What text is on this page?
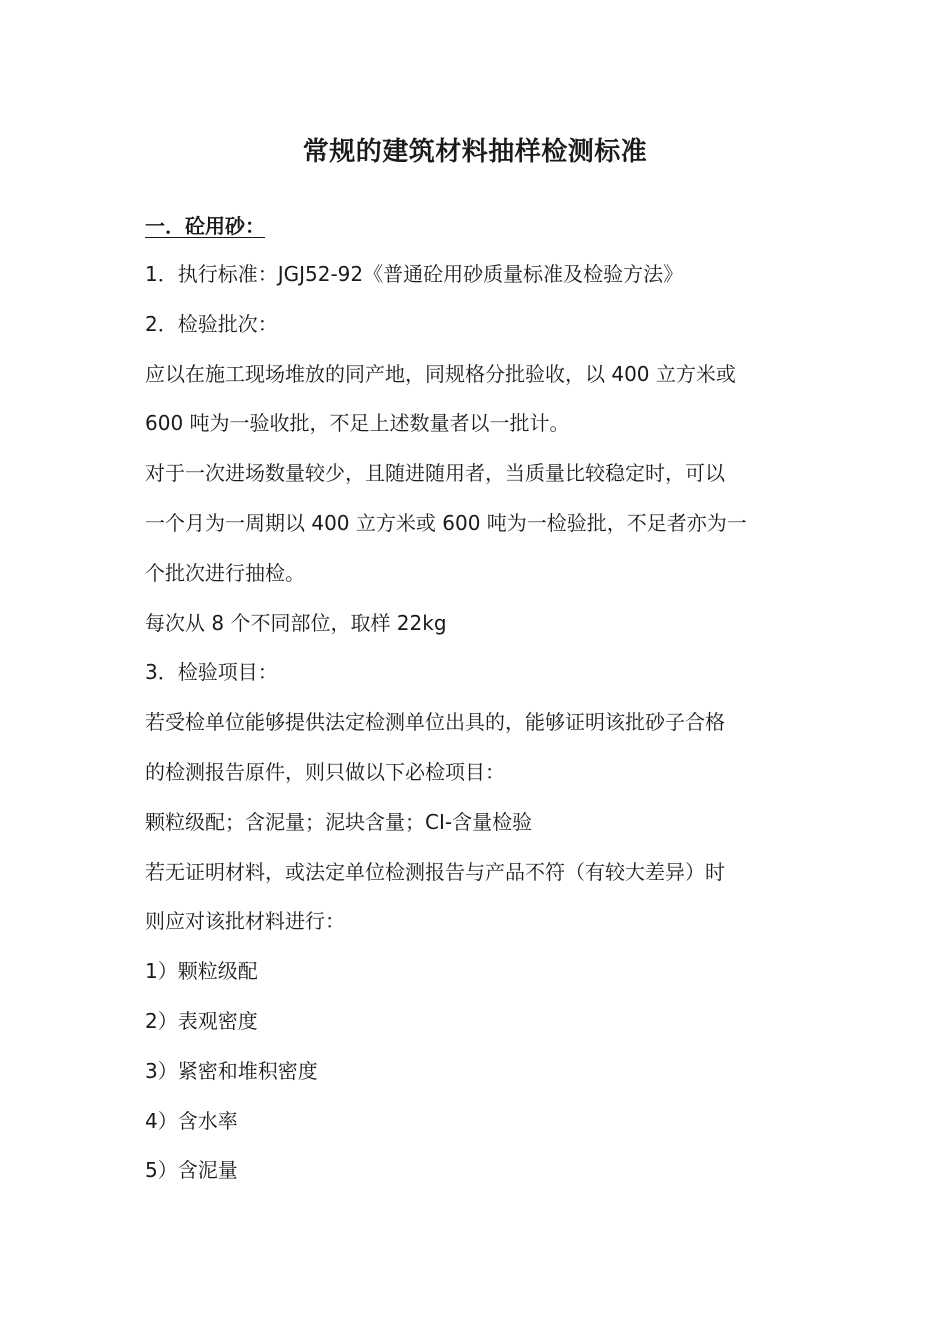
常规的建筑材料抽样检测标准
一．砼用砂：
1．执行标准：JGJ52-92《普通砼用砂质量标准及检验方法》
2．检验批次：
应以在施工现场堆放的同产地，同规格分批验收，以 400 立方米或
600 吨为一验收批，不足上述数量者以一批计。
对于一次进场数量较少，且随进随用者，当质量比较稳定时，可以
一个月为一周期以 400 立方米或 600 吨为一检验批，不足者亦为一
个批次进行抽检。
每次从 8 个不同部位，取样 22kg
3．检验项目：
若受检单位能够提供法定检测单位出具的，能够证明该批砂子合格
的检测报告原件，则只做以下必检项目：
颗粒级配；含泥量；泥块含量；CI-含量检验
若无证明材料，或法定单位检测报告与产品不符（有较大差异）时
则应对该批材料进行：
1）颗粒级配
2）表观密度
3）紧密和堆积密度
4）含水率
5）含泥量
